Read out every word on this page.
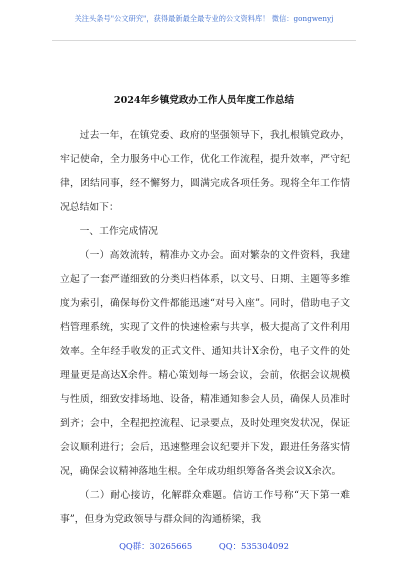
关注头条号"公文研究"，获得最新最全最专业的公文资料库！ 微信：gongwenyj
2024年乡镇党政办工作人员年度工作总结

过去一年，在镇党委、政府的坚强领导下，我扎根镇党政办，牢记使命，全力服务中心工作，优化工作流程，提升效率，严守纪律，团结同事，经不懈努力，圆满完成各项任务。现将全年工作情况总结如下：

一、工作完成情况

（一）高效流转，精准办文办会。面对繁杂的文件资料，我建立起了一套严谨细致的分类归档体系，以文号、日期、主题等多维度为索引，确保每份文件都能迅速“对号入座”。同时，借助电子文档管理系统，实现了文件的快速检索与共享，极大提高了文件利用效率。全年经手收发的正式文件、通知共计X余份，电子文件的处理量更是高达X余件。精心策划每一场会议，会前，依据会议规模与性质，细致安排场地、设备，精准通知参会人员，确保人员准时到齐；会中，全程把控流程、记录要点，及时处理突发状况，保证会议顺利进行；会后，迅速整理会议纪要并下发，跟进任务落实情况，确保会议精神落地生根。全年成功组织筹备各类会议X余次。

（二）耐心接访，化解群众难题。信访工作号称“天下第一难事”，但身为党政领导与群众间的沟通桥梁，我

QQ群：30265665	QQ：535304092
